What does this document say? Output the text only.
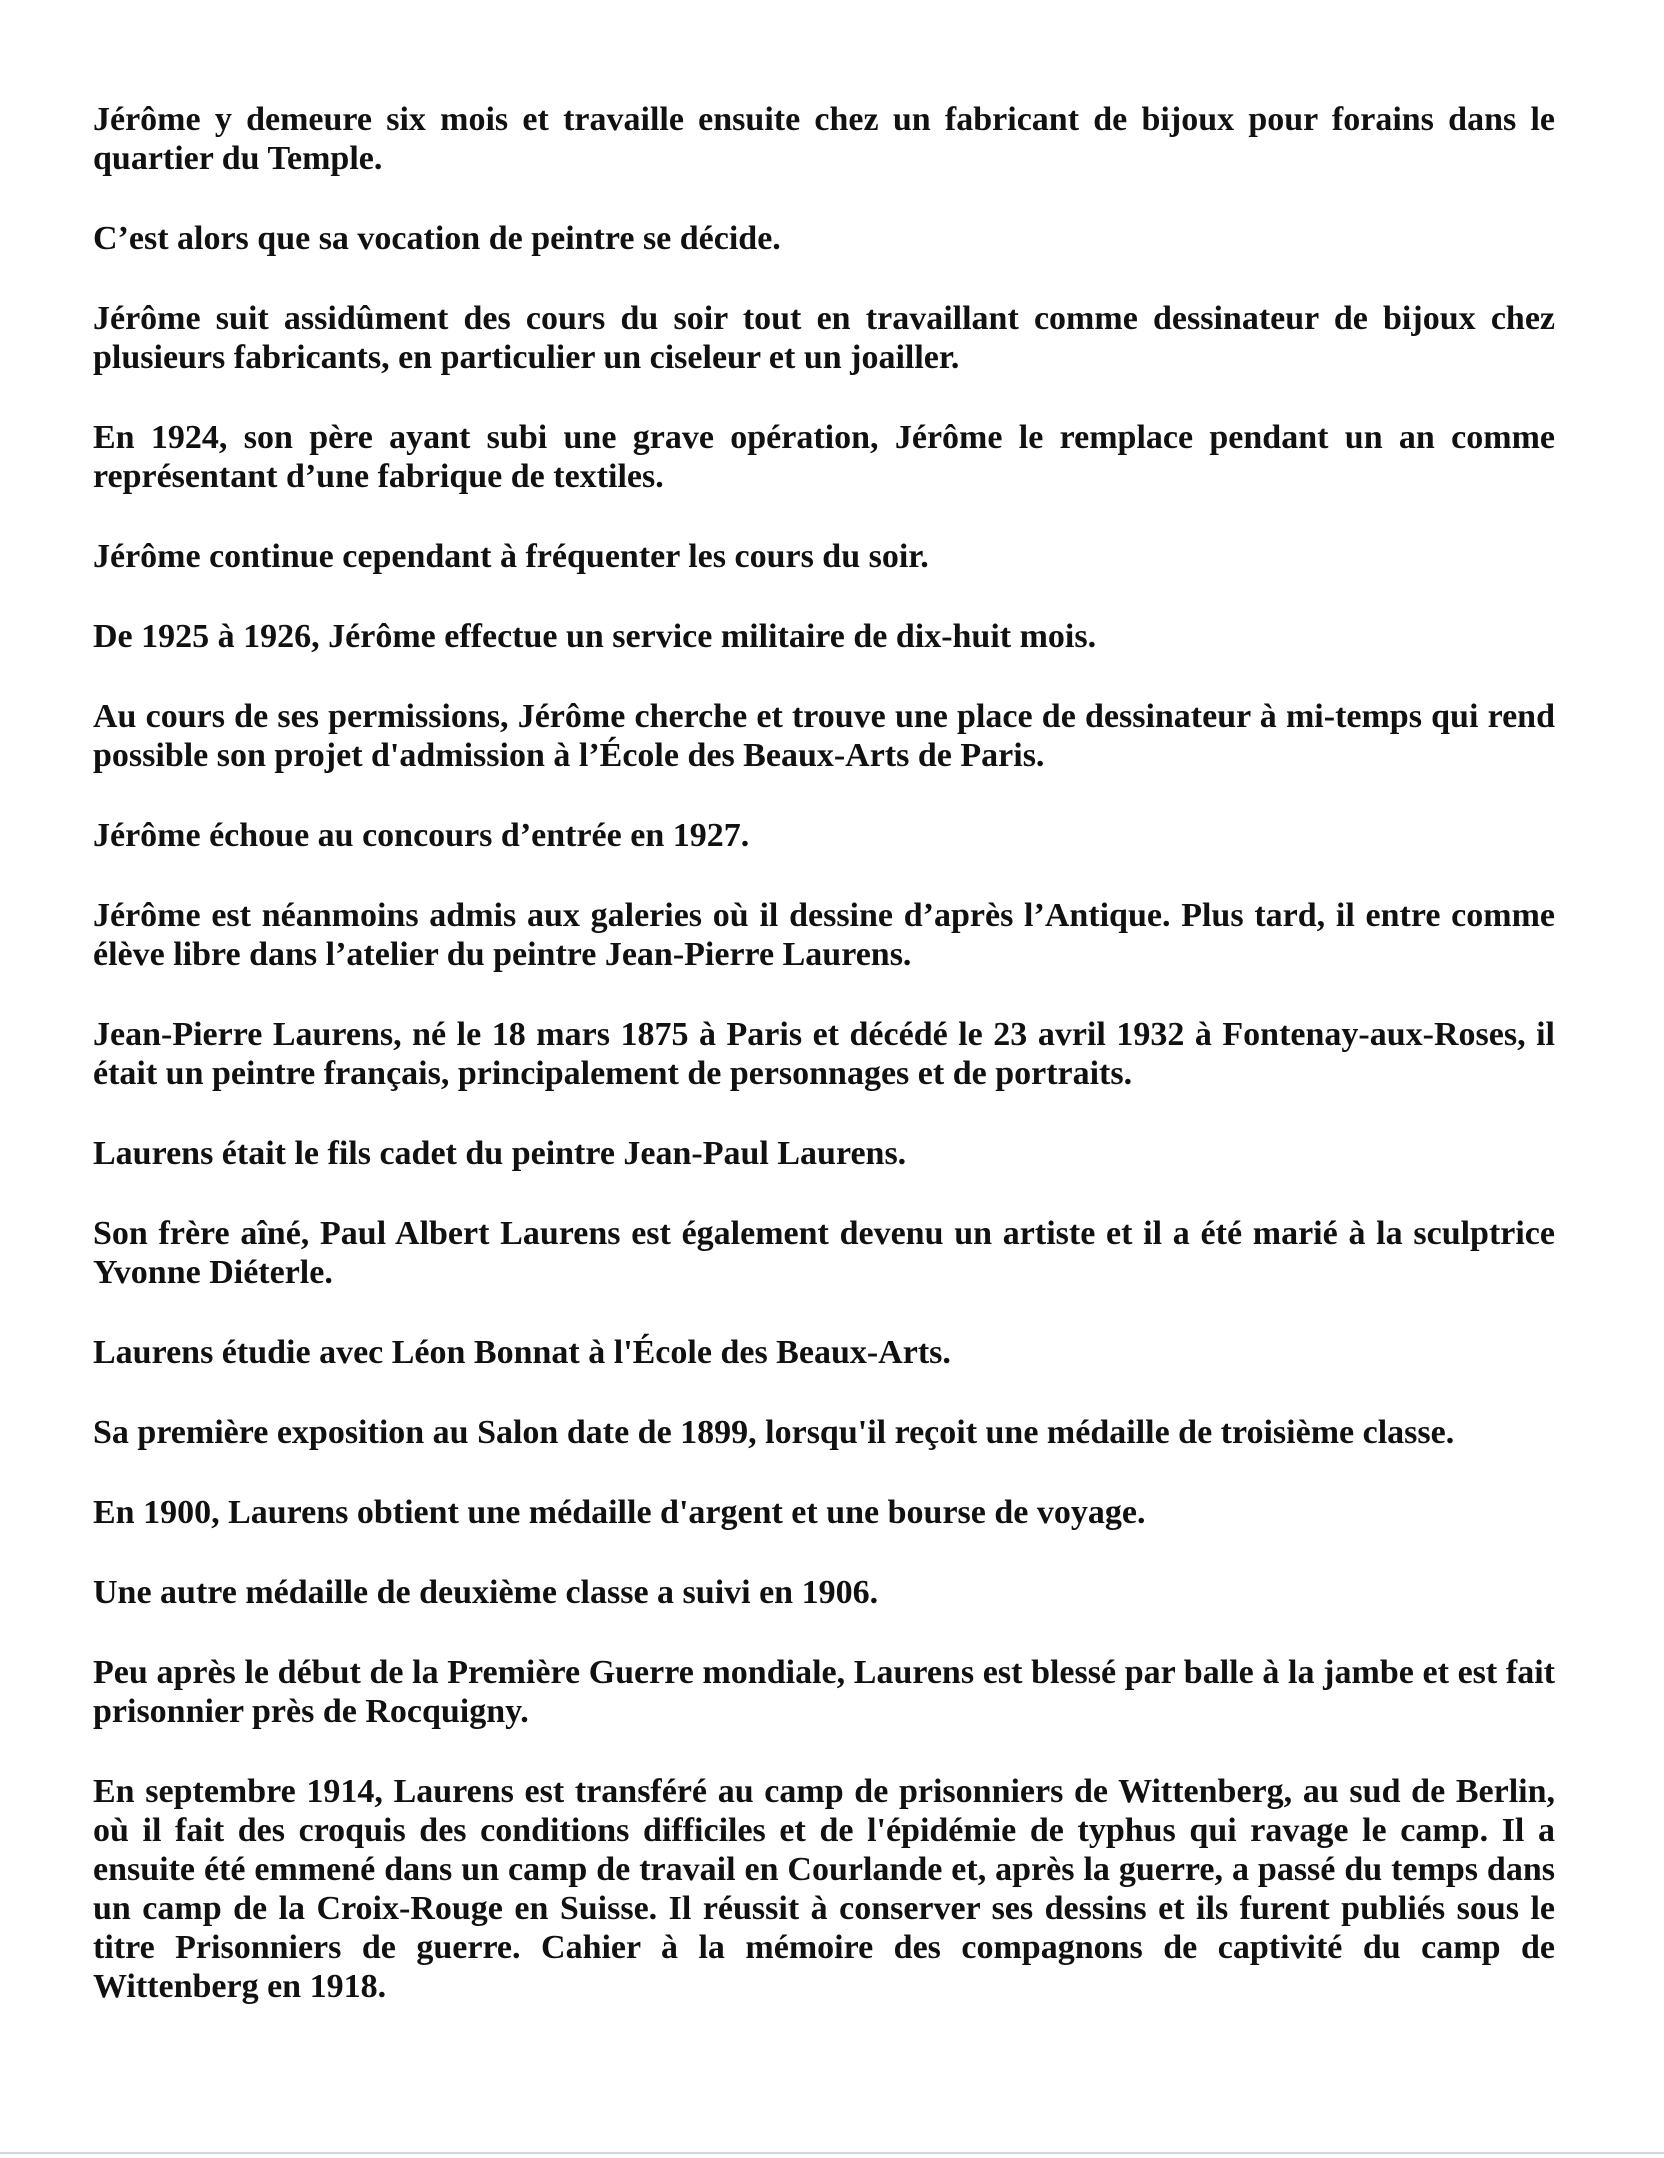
Jérôme y demeure six mois et travaille ensuite chez un fabricant de bijoux pour forains dans le quartier du Temple.

C’est alors que sa vocation de peintre se décide.

Jérôme suit assidûment des cours du soir tout en travaillant comme dessinateur de bijoux chez plusieurs fabricants, en particulier un ciseleur et un joailler.

En 1924, son père ayant subi une grave opération, Jérôme le remplace pendant un an comme représentant d’une fabrique de textiles.

Jérôme continue cependant à fréquenter les cours du soir.

De 1925 à 1926, Jérôme effectue un service militaire de dix-huit mois.

Au cours de ses permissions, Jérôme cherche et trouve une place de dessinateur à mi-temps qui rend possible son projet d'admission à l’École des Beaux-Arts de Paris.

Jérôme échoue au concours d’entrée en 1927.

Jérôme est néanmoins admis aux galeries où il dessine d’après l’Antique. Plus tard, il entre comme élève libre dans l’atelier du peintre Jean-Pierre Laurens.

Jean-Pierre Laurens, né le 18 mars 1875 à Paris et décédé le 23 avril 1932 à Fontenay-aux-Roses, il était un peintre français, principalement de personnages et de portraits.

Laurens était le fils cadet du peintre Jean-Paul Laurens.

Son frère aîné, Paul Albert Laurens est également devenu un artiste et il a été marié à la sculptrice Yvonne Diéterle.

Laurens étudie avec Léon Bonnat à l'École des Beaux-Arts.

Sa première exposition au Salon date de 1899, lorsqu'il reçoit une médaille de troisième classe.

En 1900, Laurens obtient une médaille d'argent et une bourse de voyage.

Une autre médaille de deuxième classe a suivi en 1906.

Peu après le début de la Première Guerre mondiale, Laurens est blessé par balle à la jambe et est fait prisonnier près de Rocquigny.

En septembre 1914, Laurens est transféré au camp de prisonniers de Wittenberg, au sud de Berlin, où il fait des croquis des conditions difficiles et de l'épidémie de typhus qui ravage le camp. Il a ensuite été emmené dans un camp de travail en Courlande et, après la guerre, a passé du temps dans un camp de la Croix-Rouge en Suisse. Il réussit à conserver ses dessins et ils furent publiés sous le titre Prisonniers de guerre. Cahier à la mémoire des compagnons de captivité du camp de Wittenberg en 1918.
